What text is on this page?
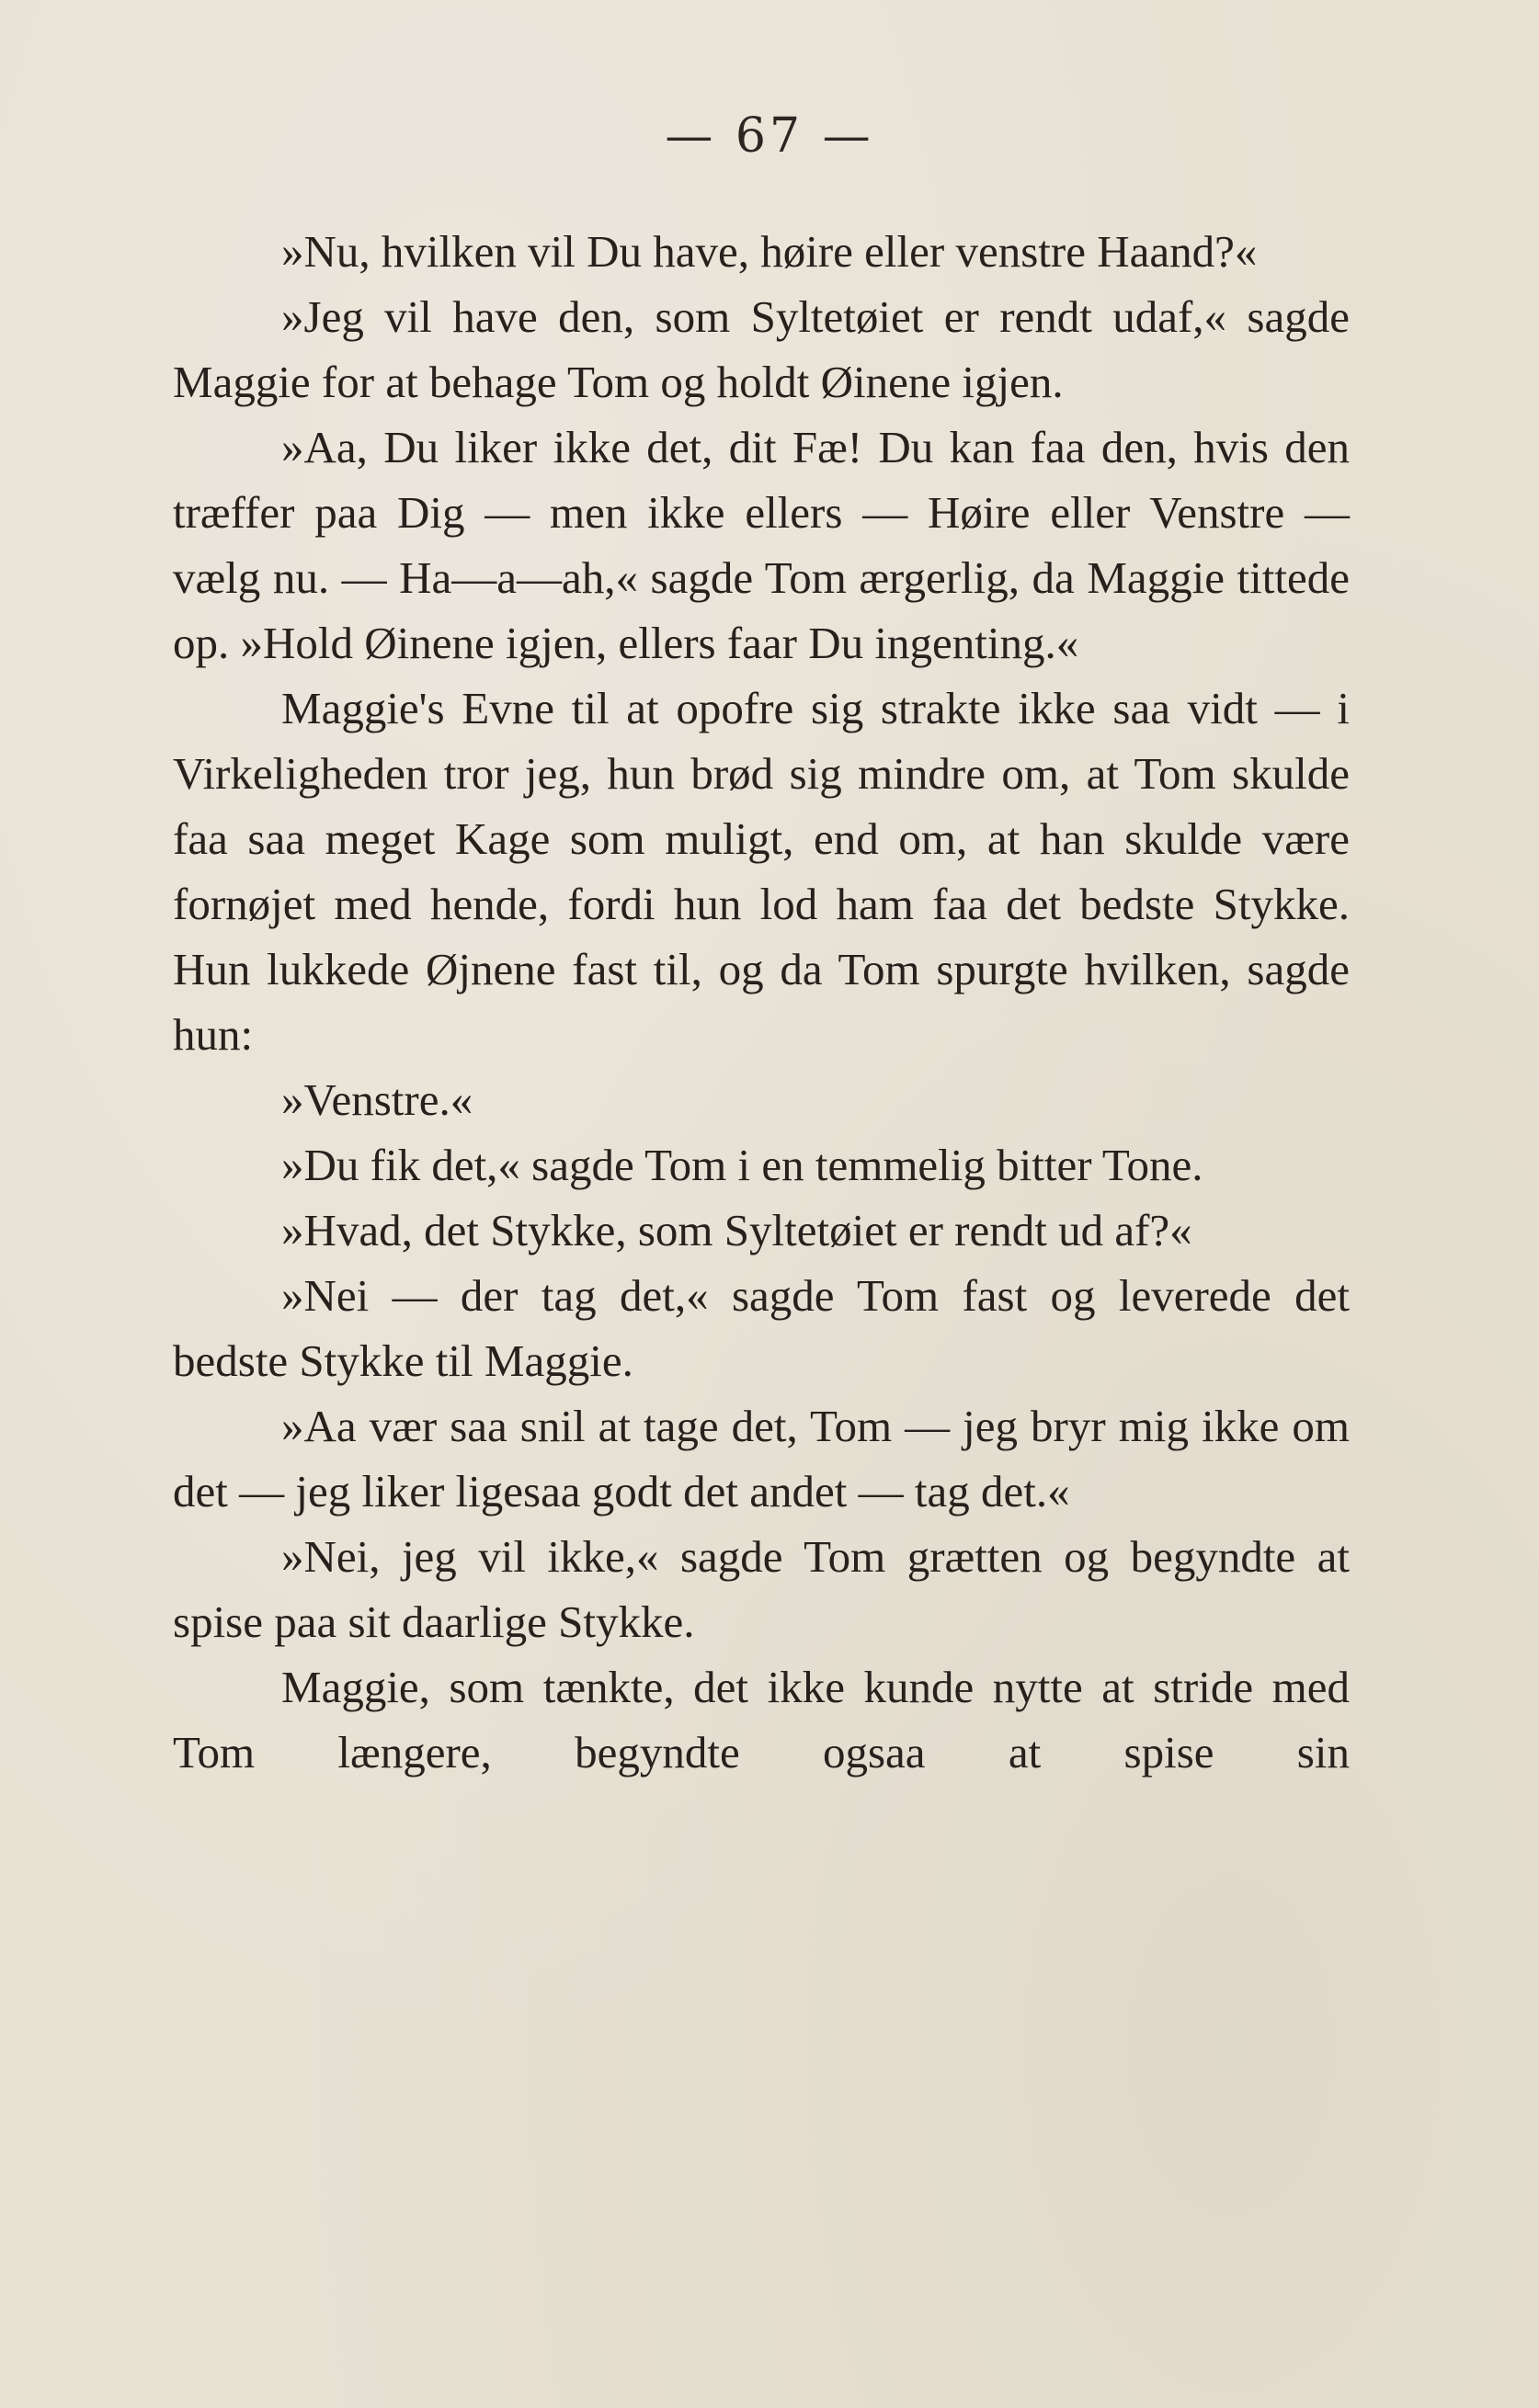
— 67 —

»Nu, hvilken vil Du have, høire eller venstre Haand?«

»Jeg vil have den, som Syltetøiet er rendt udaf,« sagde Maggie for at behage Tom og holdt Øinene igjen.

»Aa, Du liker ikke det, dit Fæ! Du kan faa den, hvis den træffer paa Dig — men ikke ellers — Høire eller Venstre — vælg nu. — Ha—a—ah,« sagde Tom ærgerlig, da Maggie tittede op. »Hold Øinene igjen, ellers faar Du ingenting.«

Maggie's Evne til at opofre sig strakte ikke saa vidt — i Virkeligheden tror jeg, hun brød sig mindre om, at Tom skulde faa saa meget Kage som muligt, end om, at han skulde være fornøjet med hende, fordi hun lod ham faa det bedste Stykke. Hun lukkede Øjnene fast til, og da Tom spurgte hvilken, sagde hun:

»Venstre.«

»Du fik det,« sagde Tom i en temmelig bitter Tone.

»Hvad, det Stykke, som Syltetøiet er rendt ud af?«

»Nei — der tag det,« sagde Tom fast og leverede det bedste Stykke til Maggie.

»Aa vær saa snil at tage det, Tom — jeg bryr mig ikke om det — jeg liker ligesaa godt det andet — tag det.«

»Nei, jeg vil ikke,« sagde Tom grætten og begyndte at spise paa sit daarlige Stykke.

Maggie, som tænkte, det ikke kunde nytte at stride med Tom længere, begyndte ogsaa at spise sin
